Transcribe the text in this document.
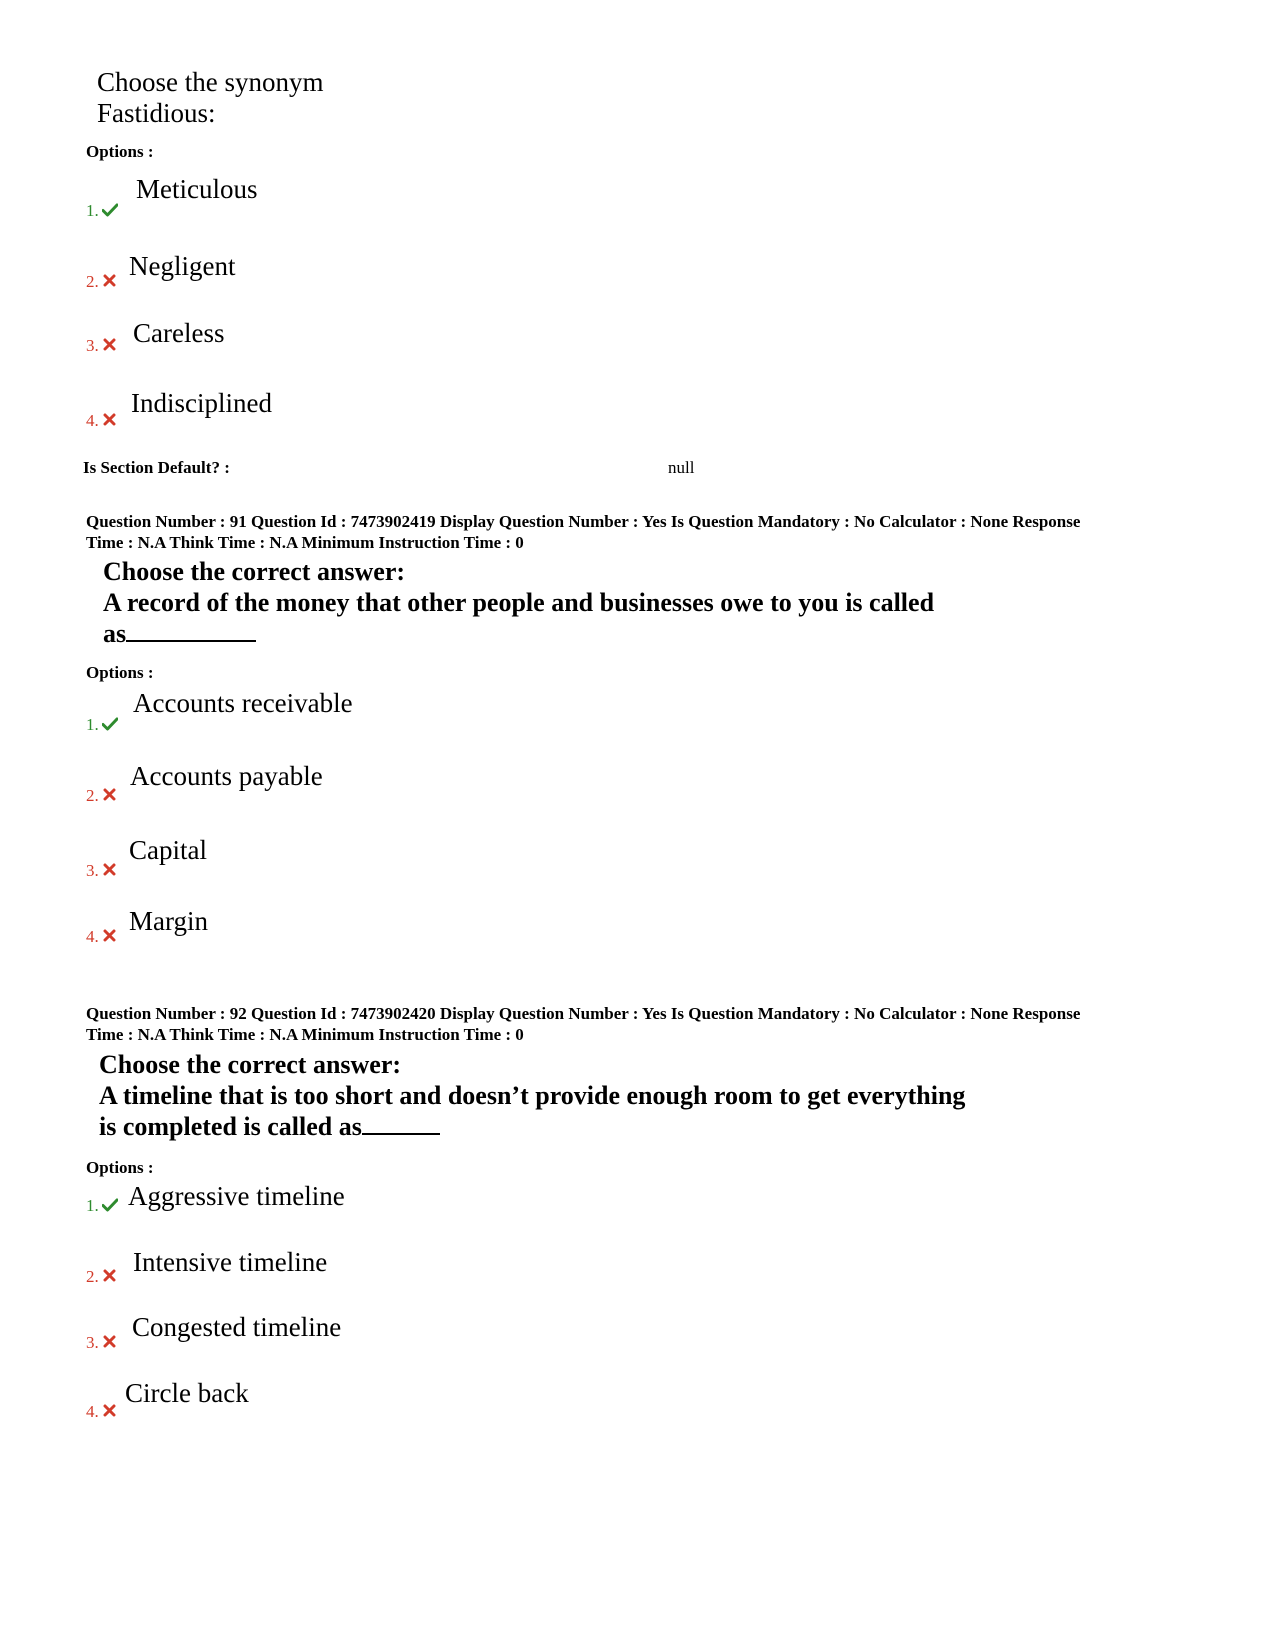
Choose the synonym
Fastidious:
Options :
1.
Meticulous
2.
Negligent
3.	Careless
4.
Indisciplined
Is Section Default? :	null
Question Number : 91 Question Id : 7473902419 Display Question Number : Yes Is Question Mandatory : No Calculator : None Response
Time : N.A Think Time : N.A Minimum Instruction Time : 0
Choose the correct answer:
A record of the money that other people and businesses owe to you is called
as
Options :
1.
Accounts receivable
2.
Accounts payable
3.
Capital
4.
Margin
Question Number : 92 Question Id : 7473902420 Display Question Number : Yes Is Question Mandatory : No Calculator : None Response
Time : N.A Think Time : N.A Minimum Instruction Time : 0
Choose the correct answer:
A timeline that is too short and doesn’t provide enough room to get everything
is completed is called as
Options :
1.	Aggressive timeline
2.	Intensive timeline
3.
Congested timeline
4.
Circle back
